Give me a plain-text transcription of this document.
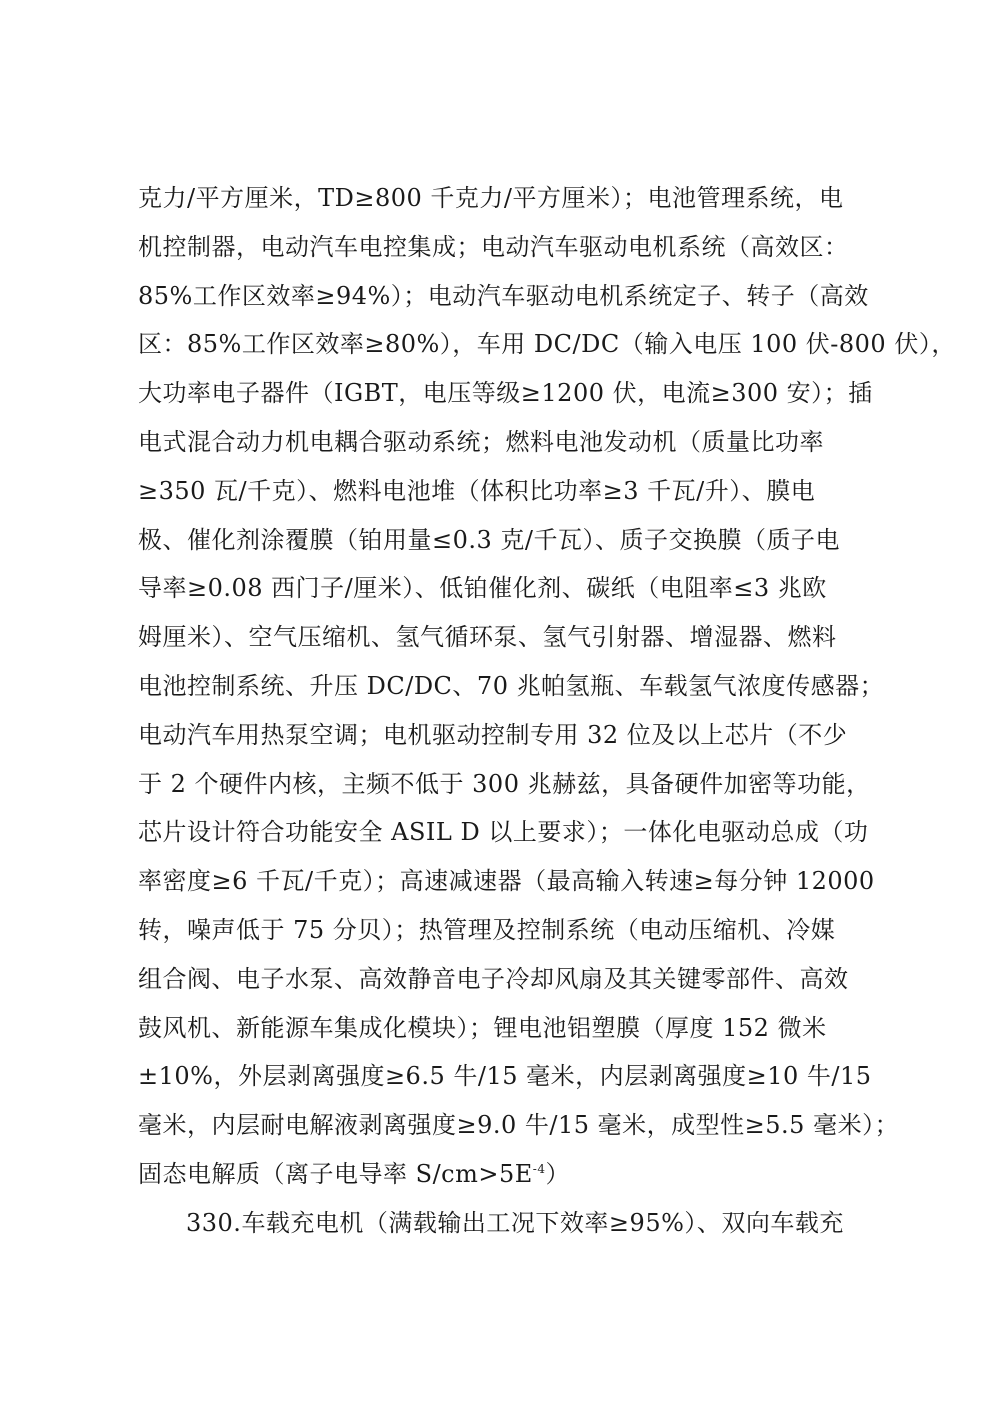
克力/平方厘米，TD≥800 千克力/平方厘米）；电池管理系统，电
机控制器，电动汽车电控集成；电动汽车驱动电机系统（高效区：
85%工作区效率≥94%）；电动汽车驱动电机系统定子、转子（高效
区：85%工作区效率≥80%），车用 DC/DC（输入电压 100 伏-800 伏），
大功率电子器件（IGBT，电压等级≥1200 伏，电流≥300 安）；插
电式混合动力机电耦合驱动系统；燃料电池发动机（质量比功率
≥350 瓦/千克）、燃料电池堆（体积比功率≥3 千瓦/升）、膜电
极、催化剂涂覆膜（铂用量≤0.3 克/千瓦）、质子交换膜（质子电
导率≥0.08 西门子/厘米）、低铂催化剂、碳纸（电阻率≤3 兆欧
姆厘米）、空气压缩机、氢气循环泵、氢气引射器、增湿器、燃料
电池控制系统、升压 DC/DC、70 兆帕氢瓶、车载氢气浓度传感器；
电动汽车用热泵空调；电机驱动控制专用 32 位及以上芯片（不少
于 2 个硬件内核，主频不低于 300 兆赫兹，具备硬件加密等功能，
芯片设计符合功能安全 ASIL D 以上要求）；一体化电驱动总成（功
率密度≥6 千瓦/千克）；高速减速器（最高输入转速≥每分钟 12000
转，噪声低于 75 分贝）；热管理及控制系统（电动压缩机、冷媒
组合阀、电子水泵、高效静音电子冷却风扇及其关键零部件、高效
鼓风机、新能源车集成化模块）；锂电池铝塑膜（厚度 152 微米
±10%，外层剥离强度≥6.5 牛/15 毫米，内层剥离强度≥10 牛/15
毫米，内层耐电解液剥离强度≥9.0 牛/15 毫米，成型性≥5.5 毫米）；
固态电解质（离子电导率 $S/cm>5E^{-4}$）
330.车载充电机（满载输出工况下效率≥95%）、双向车载充
